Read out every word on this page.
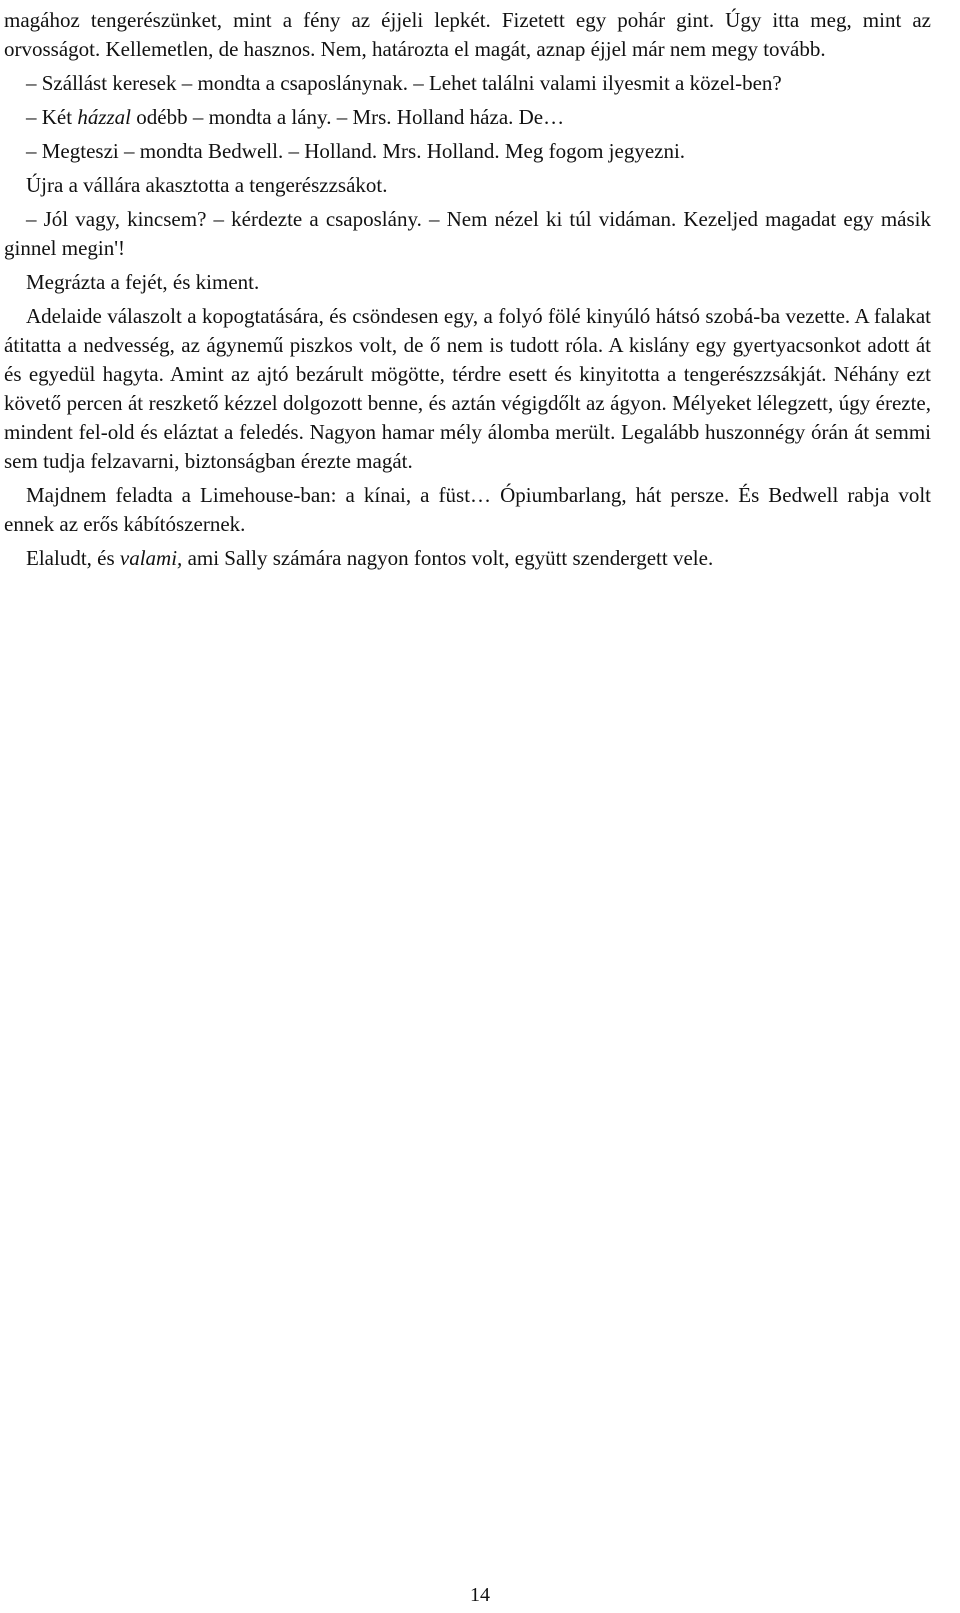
magához tengerészünket, mint a fény az éjjeli lepkét. Fizetett egy pohár gint. Úgy itta meg, mint az orvosságot. Kellemetlen, de hasznos. Nem, határozta el magát, aznap éjjel már nem megy tovább.

– Szállást keresek – mondta a csaposlánynak. – Lehet találni valami ilyesmit a közel-ben?

– Két házzal odébb – mondta a lány. – Mrs. Holland háza. De…

– Megteszi – mondta Bedwell. – Holland. Mrs. Holland. Meg fogom jegyezni.

Újra a vállára akasztotta a tengerészzsákot.

– Jól vagy, kincsem? – kérdezte a csaposlány. – Nem nézel ki túl vidáman. Kezeljed magadat egy másik ginnel megin'!

Megrázta a fejét, és kiment.

Adelaide válaszolt a kopogtatására, és csöndesen egy, a folyó fölé kinyúló hátsó szobá-ba vezette. A falakat átitatta a nedvesség, az ágynemű piszkos volt, de ő nem is tudott róla. A kislány egy gyertyacsonkot adott át és egyedül hagyta. Amint az ajtó bezárult mögötte, térdre esett és kinyitotta a tengerészzsákját. Néhány ezt követő percen át reszkető kézzel dolgozott benne, és aztán végigdőlt az ágyon. Mélyeket lélegzett, úgy érezte, mindent fel-old és eláztat a feledés. Nagyon hamar mély álomba merült. Legalább huszonnégy órán át semmi sem tudja felzavarni, biztonságban érezte magát.

Majdnem feladta a Limehouse-ban: a kínai, a füst… Ópiumbarlang, hát persze. És Bedwell rabja volt ennek az erős kábítószernek.

Elaludt, és valami, ami Sally számára nagyon fontos volt, együtt szendergett vele.

14
